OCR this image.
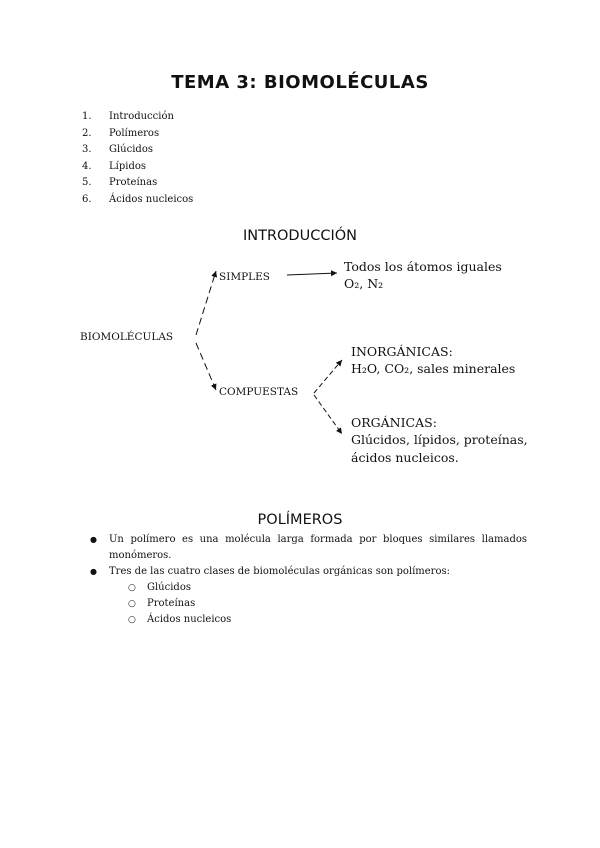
TEMA 3: BIOMOLÉCULAS
1.	Introducción
2.	Polímeros
3.	Glúcidos
4.	Lípidos
5.	Proteínas
6.	Ácidos nucleicos
INTRODUCCIÓN
BIOMOLÉCULAS
SIMPLES
Todos los átomos iguales
O₂, N₂
COMPUESTAS
INORGÁNICAS:
H₂O, CO₂, sales minerales
ORGÁNICAS:
Glúcidos, lípidos, proteínas,
ácidos nucleicos.
POLÍMEROS
● Un polímero es una molécula larga formada por bloques similares llamados monómeros.
● Tres de las cuatro clases de biomoléculas orgánicas son polímeros:
○ Glúcidos
○ Proteínas
○ Ácidos nucleicos
